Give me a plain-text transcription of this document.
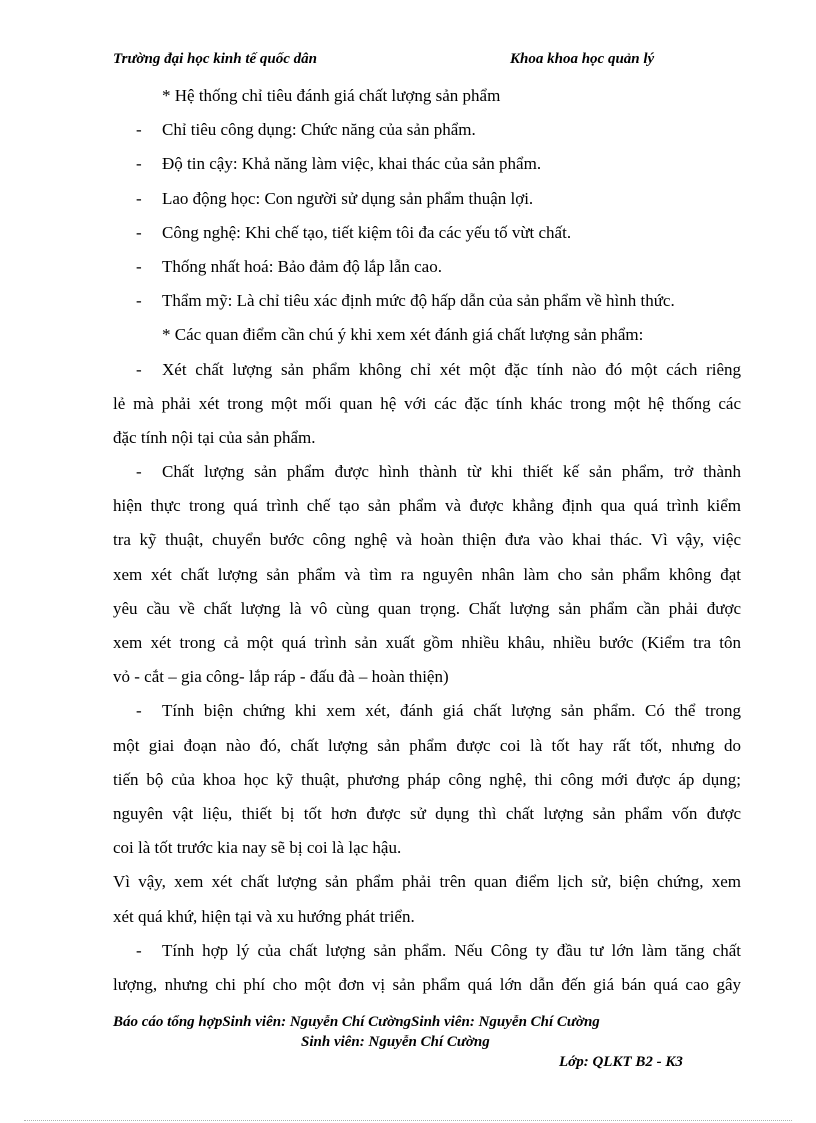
Trường đại học kinh tế quốc dân	Khoa khoa học quản lý
* Hệ thống chỉ tiêu đánh giá chất lượng sản phẩm
- Chỉ tiêu công dụng: Chức năng của sản phẩm.
- Độ tin cậy: Khả năng làm việc, khai thác của sản phẩm.
- Lao động học: Con người sử dụng sản phẩm thuận lợi.
- Công nghệ: Khi chế tạo, tiết kiệm tôi đa các yếu tố vừt chất.
- Thống nhất hoá: Bảo đảm độ lắp lẫn cao.
- Thẩm mỹ: Là chỉ tiêu xác định mức độ hấp dẫn của sản phẩm về hình thức.
* Các quan điểm cần chú ý khi xem xét đánh giá chất lượng sản phẩm:
- Xét chất lượng sản phẩm không chỉ xét một đặc tính nào đó một cách riêng
lẻ mà phải xét trong một mối quan hệ với các đặc tính khác trong một hệ thống các
đặc tính nội tại của sản phẩm.
- Chất lượng sản phẩm được hình thành từ khi thiết kế sản phẩm, trở thành
hiện thực trong quá trình chế tạo sản phẩm và được khẳng định qua quá trình kiểm
tra kỹ thuật, chuyển bước công nghệ và hoàn thiện đưa vào khai thác. Vì vậy, việc
xem xét chất lượng sản phẩm và tìm ra nguyên nhân làm cho sản phẩm không đạt
yêu cầu về chất lượng là vô cùng quan trọng. Chất lượng sản phẩm cần phải được
xem xét trong cả một quá trình sản xuất gồm nhiều khâu, nhiều bước (Kiểm tra tôn
vỏ - cắt – gia công- lắp ráp - đấu đà – hoàn thiện)
- Tính biện chứng khi xem xét, đánh giá chất lượng sản phẩm. Có thể trong
một giai đoạn nào đó, chất lượng sản phẩm được coi là tốt hay rất tốt, nhưng do
tiến bộ của khoa học kỹ thuật, phương pháp công nghệ, thi công mới được áp dụng;
nguyên vật liệu, thiết bị tốt hơn được sử dụng thì chất lượng sản phẩm vốn được
coi là tốt trước kia nay sẽ bị coi là lạc hậu.
Vì vậy, xem xét chất lượng sản phẩm phải trên quan điểm lịch sử, biện chứng, xem
xét quá khứ, hiện tại và xu hướng phát triển.
- Tính hợp lý của chất lượng sản phẩm. Nếu Công ty đầu tư lớn làm tăng chất
lượng, nhưng chi phí cho một đơn vị sản phẩm quá lớn dẫn đến giá bán quá cao gây
Báo cáo tổng hợpSinh viên: Nguyễn Chí CườngSinh viên: Nguyễn Chí Cường
Sinh viên: Nguyễn Chí Cường
Lớp: QLKT B2 - K3
